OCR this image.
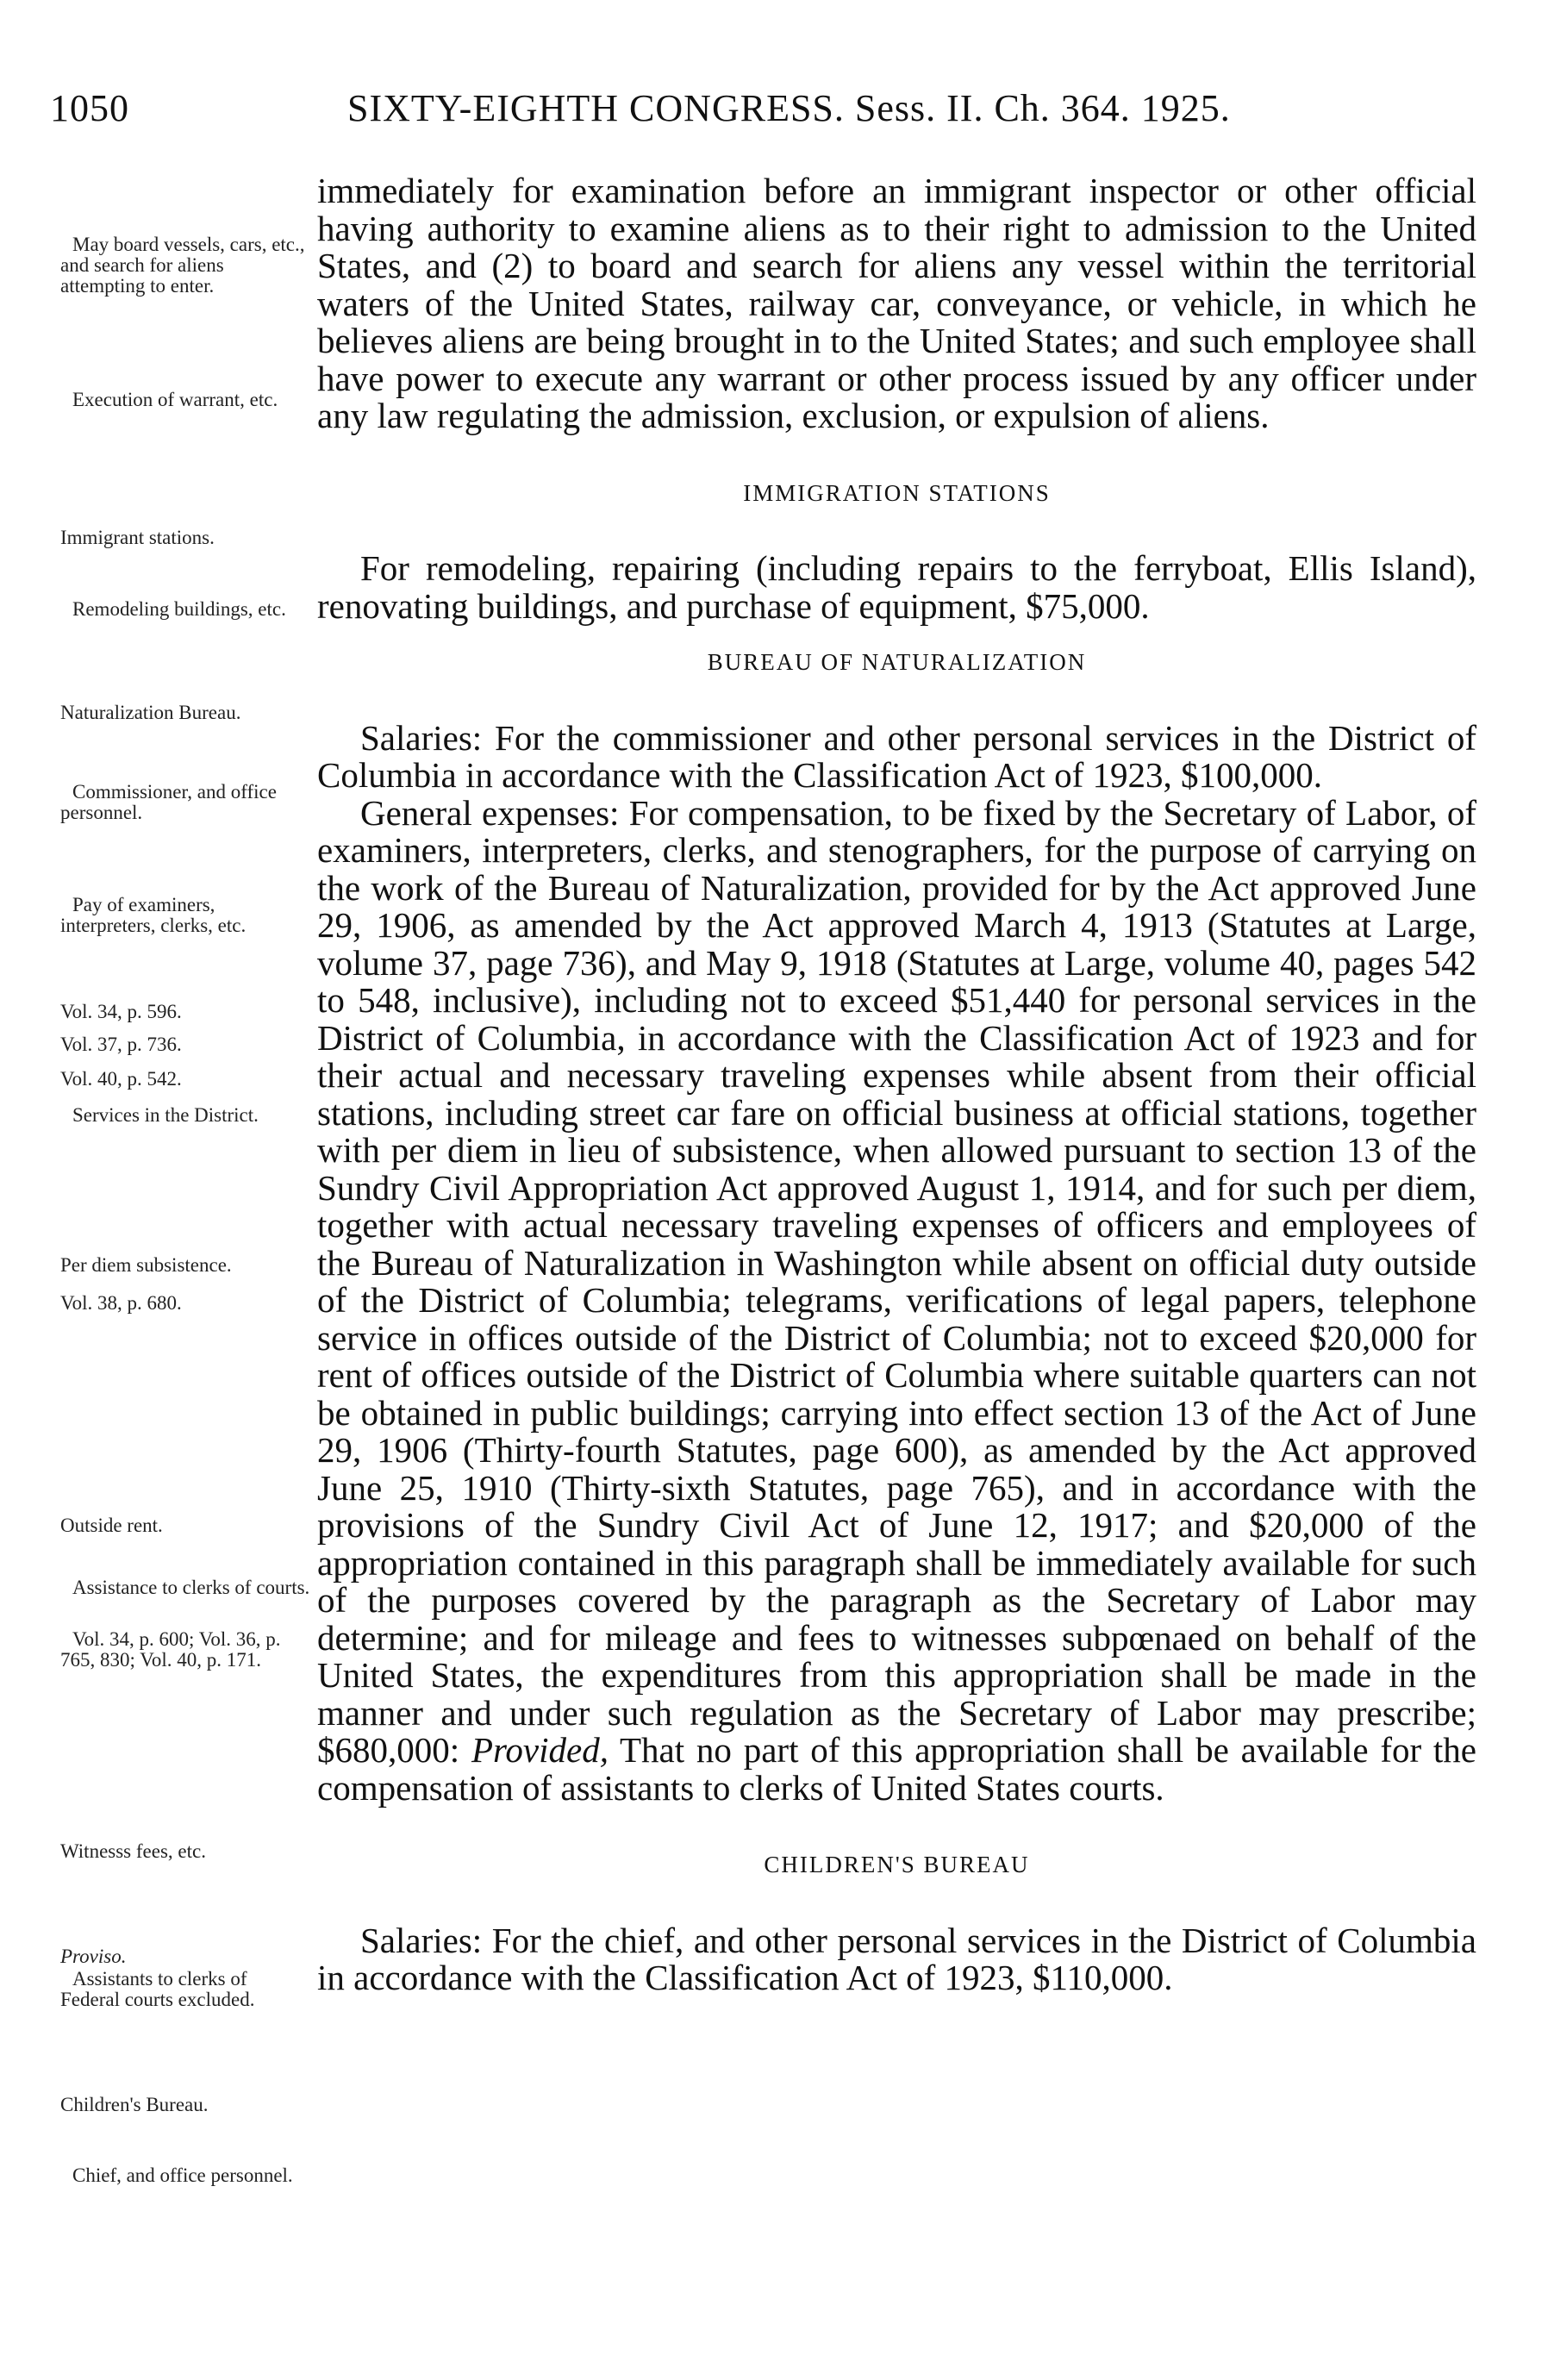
1050	SIXTY-EIGHTH CONGRESS. Sess. II. Ch. 364. 1925.
May board vessels, cars, etc., and search for aliens attempting to enter.
Execution of warrant, etc.
Immigrant stations.
Remodeling buildings, etc.
Naturalization Bureau.
Commissioner, and office personnel.
Pay of examiners, interpreters, clerks, etc.
Vol. 34, p. 596.
Vol. 37, p. 736.
Vol. 40, p. 542.
Services in the District.
Per diem subsistence.
Vol. 38, p. 680.
Outside rent.
Assistance to clerks of courts.
Vol. 34, p. 600; Vol. 36, p. 765, 830; Vol. 40, p. 171.
Witnesss fees, etc.
Proviso.
Assistants to clerks of Federal courts excluded.
Children's Bureau.
Chief, and office personnel.

immediately for examination before an immigrant inspector or other official having authority to examine aliens as to their right to admission to the United States, and (2) to board and search for aliens any vessel within the territorial waters of the United States, railway car, conveyance, or vehicle, in which he believes aliens are being brought in to the United States; and such employee shall have power to execute any warrant or other process issued by any officer under any law regulating the admission, exclusion, or expulsion of aliens.

IMMIGRATION STATIONS

For remodeling, repairing (including repairs to the ferryboat, Ellis Island), renovating buildings, and purchase of equipment, $75,000.

BUREAU OF NATURALIZATION

Salaries: For the commissioner and other personal services in the District of Columbia in accordance with the Classification Act of 1923, $100,000.

General expenses: For compensation, to be fixed by the Secretary of Labor, of examiners, interpreters, clerks, and stenographers, for the purpose of carrying on the work of the Bureau of Naturalization, provided for by the Act approved June 29, 1906, as amended by the Act approved March 4, 1913 (Statutes at Large, volume 37, page 736), and May 9, 1918 (Statutes at Large, volume 40, pages 542 to 548, inclusive), including not to exceed $51,440 for personal services in the District of Columbia, in accordance with the Classification Act of 1923 and for their actual and necessary traveling expenses while absent from their official stations, including street car fare on official business at official stations, together with per diem in lieu of subsistence, when allowed pursuant to section 13 of the Sundry Civil Appropriation Act approved August 1, 1914, and for such per diem, together with actual necessary traveling expenses of officers and employees of the Bureau of Naturalization in Washington while absent on official duty outside of the District of Columbia; telegrams, verifications of legal papers, telephone service in offices outside of the District of Columbia; not to exceed $20,000 for rent of offices outside of the District of Columbia where suitable quarters can not be obtained in public buildings; carrying into effect section 13 of the Act of June 29, 1906 (Thirty-fourth Statutes, page 600), as amended by the Act approved June 25, 1910 (Thirty-sixth Statutes, page 765), and in accordance with the provisions of the Sundry Civil Act of June 12, 1917; and $20,000 of the appropriation contained in this paragraph shall be immediately available for such of the purposes covered by the paragraph as the Secretary of Labor may determine; and for mileage and fees to witnesses subpœnaed on behalf of the United States, the expenditures from this appropriation shall be made in the manner and under such regulation as the Secretary of Labor may prescribe; $680,000: Provided, That no part of this appropriation shall be available for the compensation of assistants to clerks of United States courts.

CHILDREN'S BUREAU

Salaries: For the chief, and other personal services in the District of Columbia in accordance with the Classification Act of 1923, $110,000.
